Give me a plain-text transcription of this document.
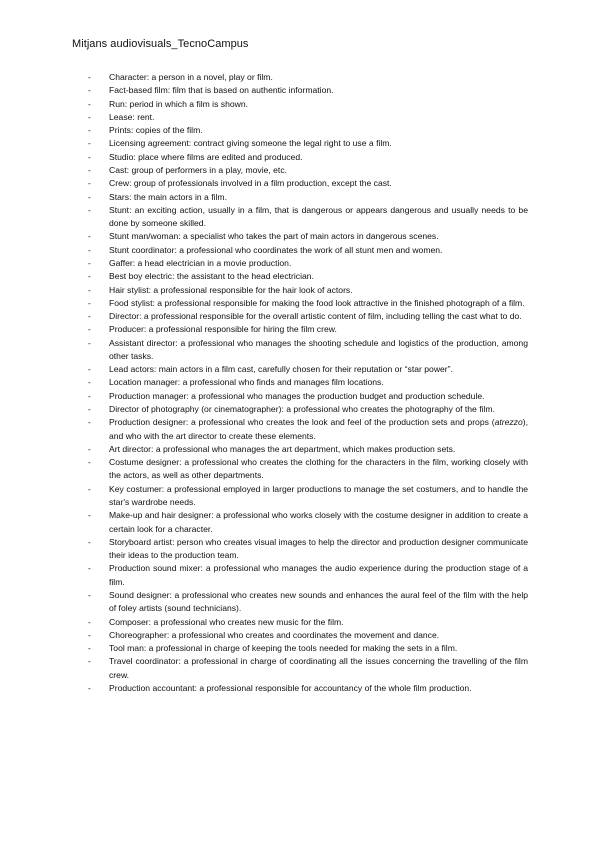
Mitjans audiovisuals_TecnoCampus
- Character: a person in a novel, play or film.
- Fact-based film: film that is based on authentic information.
- Run: period in which a film is shown.
- Lease: rent.
- Prints: copies of the film.
- Licensing agreement: contract giving someone the legal right to use a film.
- Studio: place where films are edited and produced.
- Cast: group of performers in a play, movie, etc.
- Crew: group of professionals involved in a film production, except the cast.
- Stars: the main actors in a film.
- Stunt: an exciting action, usually in a film, that is dangerous or appears dangerous and usually needs to be done by someone skilled.
- Stunt man/woman: a specialist who takes the part of main actors in dangerous scenes.
- Stunt coordinator: a professional who coordinates the work of all stunt men and women.
- Gaffer: a head electrician in a movie production.
- Best boy electric: the assistant to the head electrician.
- Hair stylist: a professional responsible for the hair look of actors.
- Food stylist: a professional responsible for making the food look attractive in the finished photograph of a film.
- Director: a professional responsible for the overall artistic content of film, including telling the cast what to do.
- Producer: a professional responsible for hiring the film crew.
- Assistant director: a professional who manages the shooting schedule and logistics of the production, among other tasks.
- Lead actors: main actors in a film cast, carefully chosen for their reputation or “star power”.
- Location manager: a professional who finds and manages film locations.
- Production manager: a professional who manages the production budget and production schedule.
- Director of photography (or cinematographer): a professional who creates the photography of the film.
- Production designer: a professional who creates the look and feel of the production sets and props (atrezzo), and who with the art director to create these elements.
- Art director: a professional who manages the art department, which makes production sets.
- Costume designer: a professional who creates the clothing for the characters in the film, working closely with the actors, as well as other departments.
- Key costumer: a professional employed in larger productions to manage the set costumers, and to handle the star's wardrobe needs.
- Make-up and hair designer: a professional who works closely with the costume designer in addition to create a certain look for a character.
- Storyboard artist: person who creates visual images to help the director and production designer communicate their ideas to the production team.
- Production sound mixer: a professional who manages the audio experience during the production stage of a film.
- Sound designer: a professional who creates new sounds and enhances the aural feel of the film with the help of foley artists (sound technicians).
- Composer: a professional who creates new music for the film.
- Choreographer: a professional who creates and coordinates the movement and dance.
- Tool man: a professional in charge of keeping the tools needed for making the sets in a film.
- Travel coordinator: a professional in charge of coordinating all the issues concerning the travelling of the film crew.
- Production accountant: a professional responsible for accountancy of the whole film production.
